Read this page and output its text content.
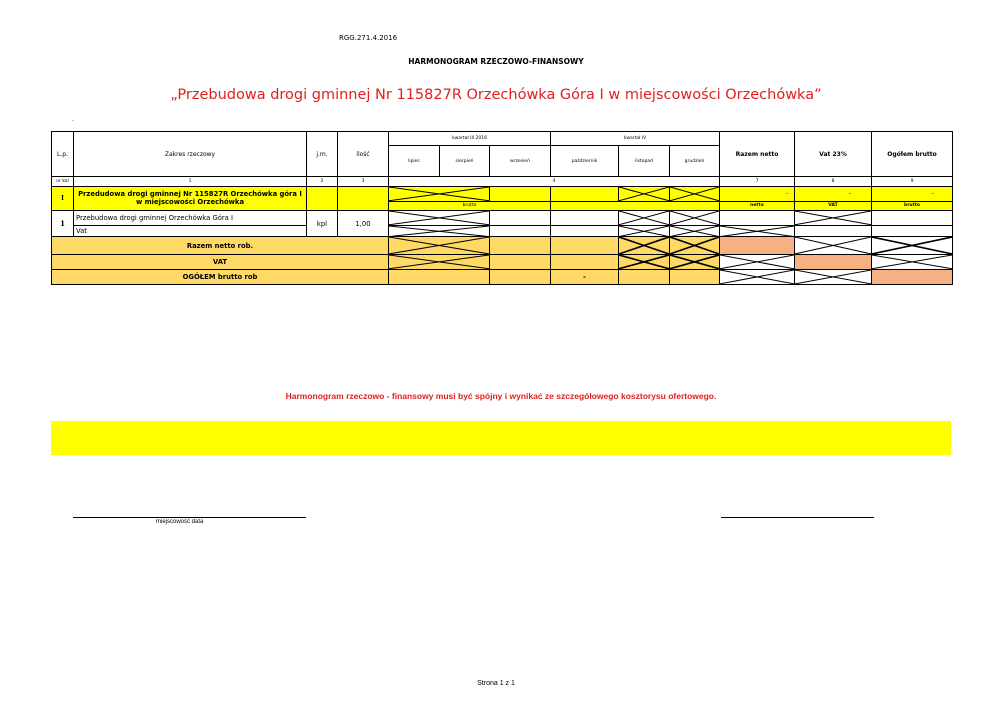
RGG.271.4.2016
HARMONOGRAM RZECZOWO-FINANSOWY
„Przebudowa drogi gminnej Nr 115827R Orzechówka Góra I w miejscowości Orzechówka”
.
L.p.	Zakres rzeczowy	j.m.	ilość	kwartał III 2016			kwartał IV			Razem netto	Vat 23%	Ogółem brutto
				lipiec	sierpień	wrzesień	październik	listopad	grudzień			
nr kol	1	2	3	4						7	8	9
I	Przedudowa drogi gminnej Nr 115827R Orzechówka góra I w miejscowości Orzechówka									-	-	-
				brutto						netto	VAT	brutto
1	Przebudowa drogi gminnej Orzechówka Góra I	kpl	1,00	

	Vat	

Razem netto rob.	

VAT	

OGÓŁEM brutto rob							-			

Harmonogram rzeczowo - finansowy musi być spójny i wynikać ze szczegółowego kosztorysu ofertowego.
miejscowość data
Strona 1 z 1
